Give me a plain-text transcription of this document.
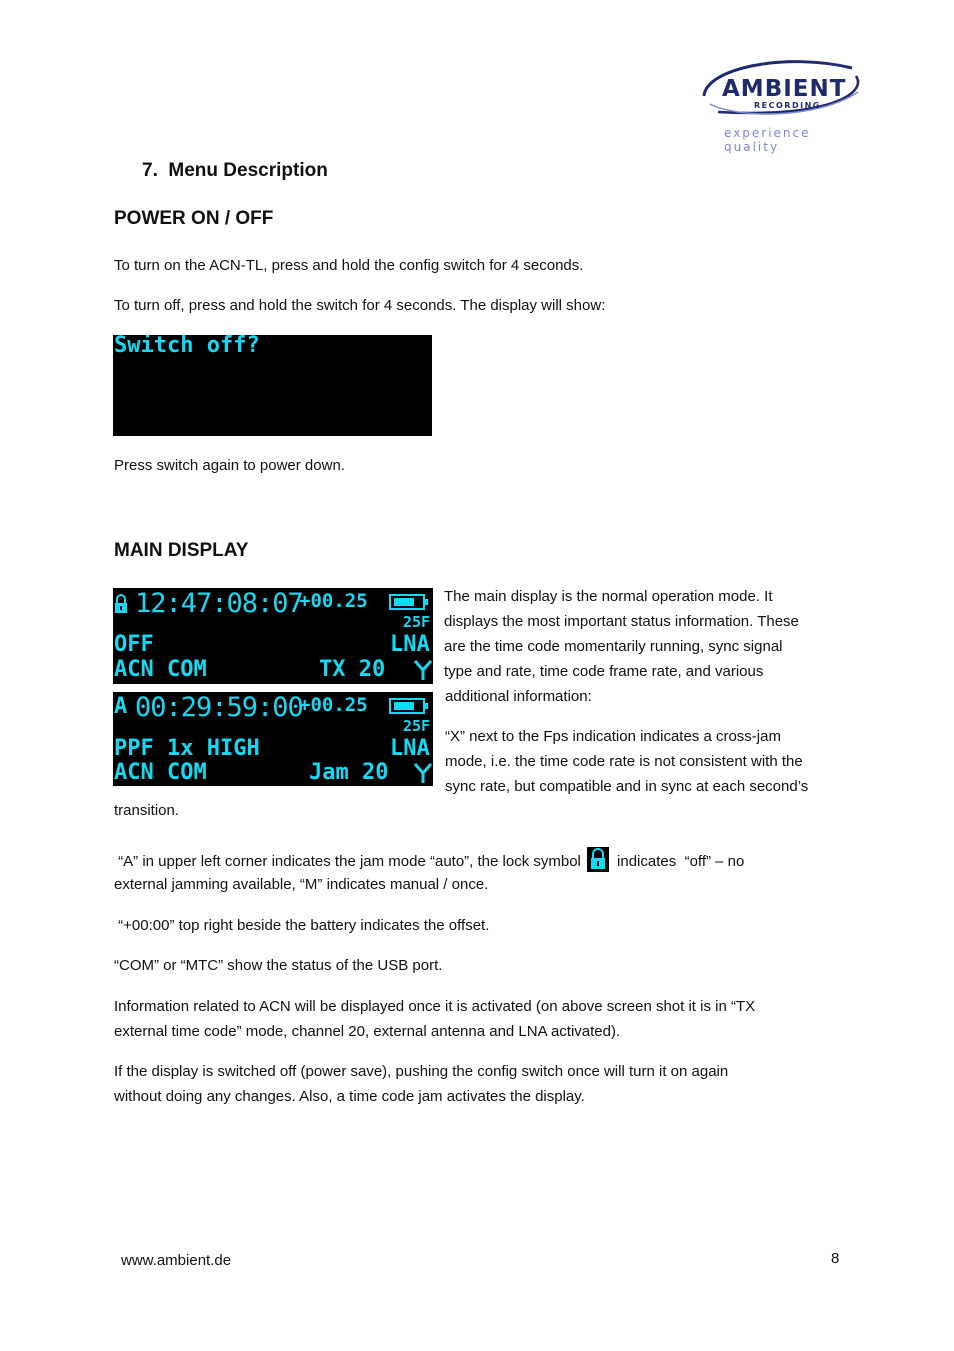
AMBIENT
RECORDING
experience quality
7.  Menu Description
POWER ON / OFF

To turn on the ACN-TL, press and hold the config switch for 4 seconds.

To turn off, press and hold the switch for 4 seconds. The display will show:

Switch off?

Press switch again to power down.

MAIN DISPLAY
12:47:08:07
+00.25
25F
OFF	LNA
ACN COM	TX 20
A 00:29:59:00
+00.25
25F
PPF 1x HIGH	LNA
ACN COM	Jam 20

The main display is the normal operation mode. It

displays the most important status information. These

are the time code momentarily running, sync signal

type and rate, time code frame rate, and various

additional information:

“X” next to the Fps indication indicates a cross-jam

mode, i.e. the time code rate is not consistent with the

sync rate, but compatible and in sync at each second’s

transition.

“A” in upper left corner indicates the jam mode “auto”, the lock symbol
indicates  “off” – no

external jamming available, “M” indicates manual / once.

“+00:00” top right beside the battery indicates the offset.

“COM” or “MTC” show the status of the USB port.

Information related to ACN will be displayed once it is activated (on above screen shot it is in “TX

external time code” mode, channel 20, external antenna and LNA activated).

If the display is switched off (power save), pushing the config switch once will turn it on again

without doing any changes. Also, a time code jam activates the display.

www.ambient.de	8
